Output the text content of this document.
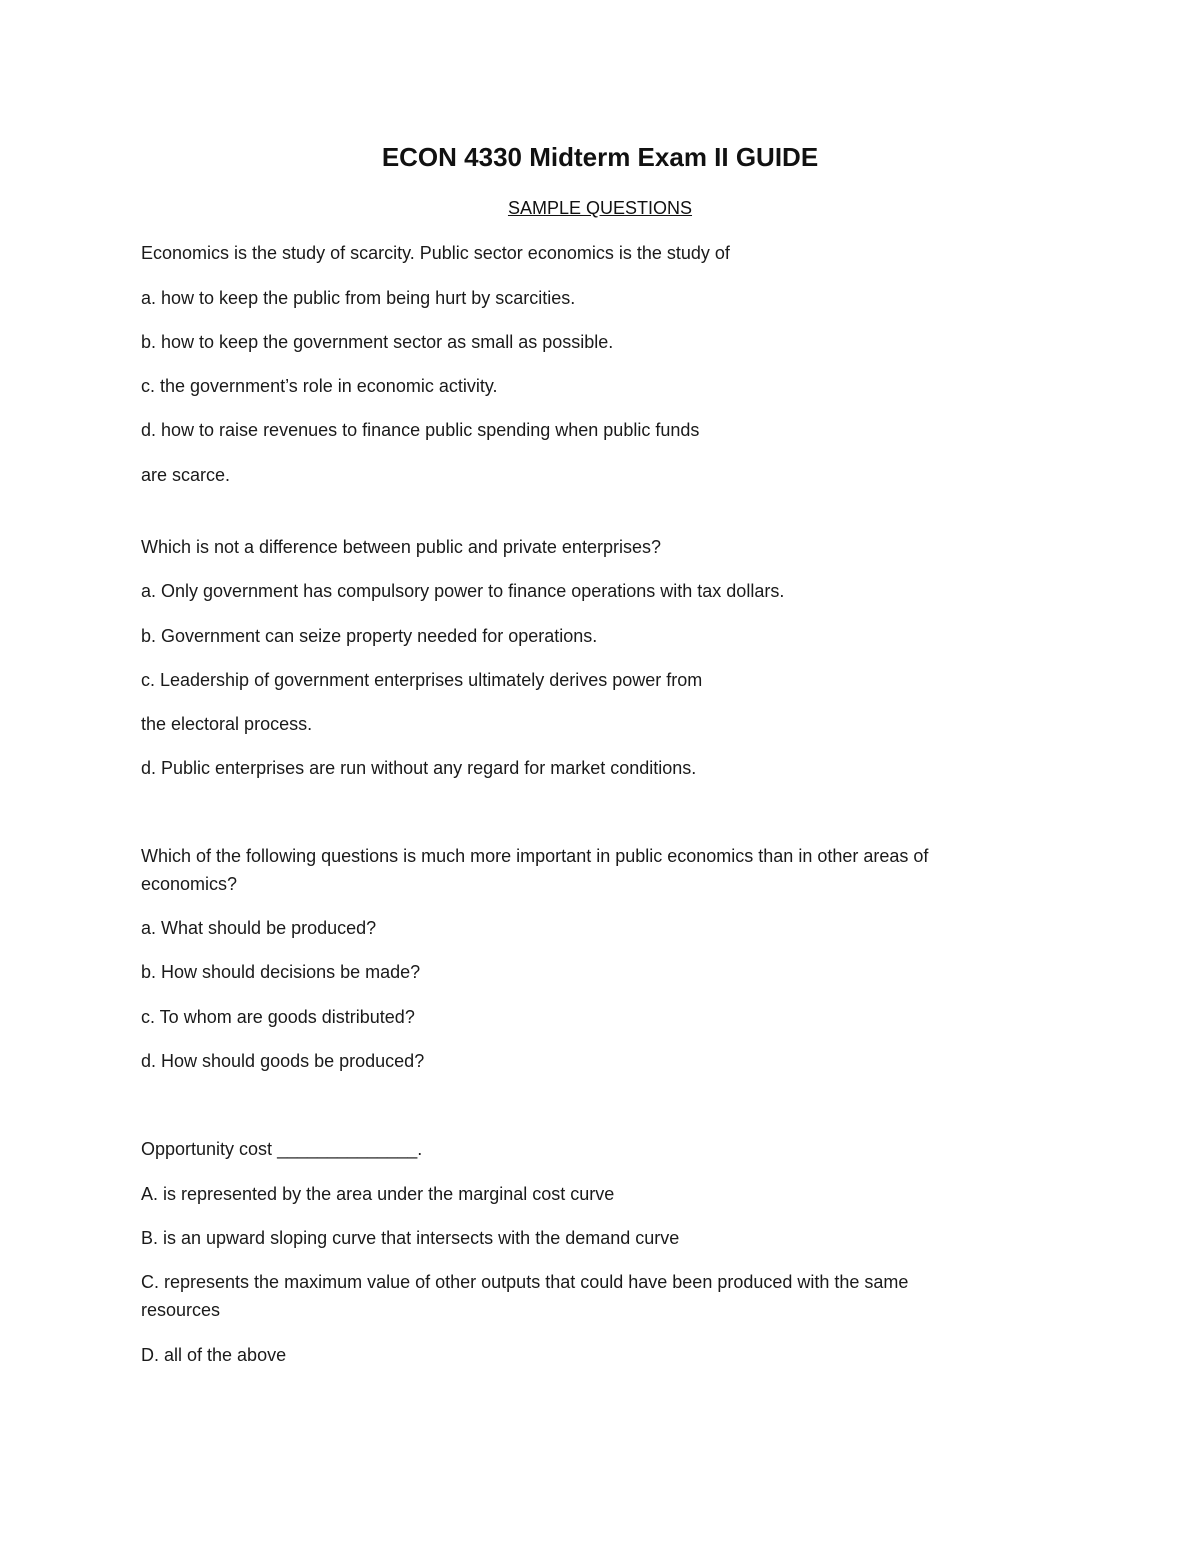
ECON 4330 Midterm Exam II GUIDE
SAMPLE QUESTIONS
Economics is the study of scarcity. Public sector economics is the study of
a. how to keep the public from being hurt by scarcities.
b. how to keep the government sector as small as possible.
c. the government’s role in economic activity.
d. how to raise revenues to finance public spending when public funds
are scarce.
Which is not a difference between public and private enterprises?
a. Only government has compulsory power to finance operations with tax dollars.
b. Government can seize property needed for operations.
c. Leadership of government enterprises ultimately derives power from
the electoral process.
d. Public enterprises are run without any regard for market conditions.
Which of the following questions is much more important in public economics than in other areas of
economics?
a. What should be produced?
b. How should decisions be made?
c. To whom are goods distributed?
d. How should goods be produced?
Opportunity cost ______________.
A. is represented by the area under the marginal cost curve
B. is an upward sloping curve that intersects with the demand curve
C. represents the maximum value of other outputs that could have been produced with the same
resources
D. all of the above
